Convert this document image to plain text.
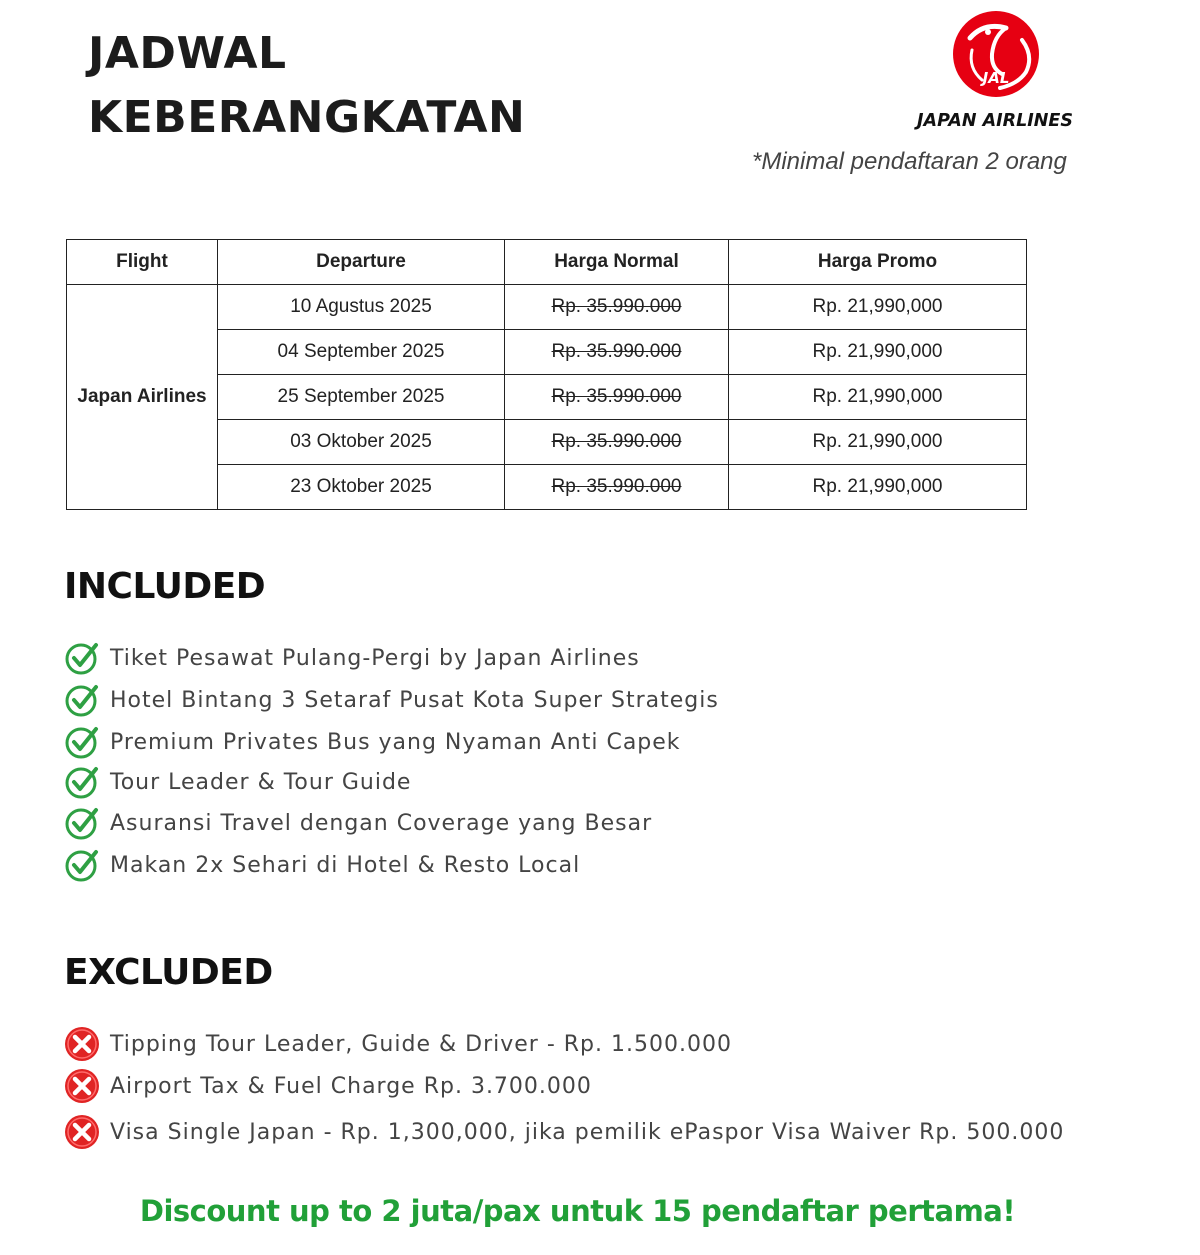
JADWAL
KEBERANGKATAN
JAL
JAPAN AIRLINES
*Minimal pendaftaran 2 orang
Flight	Departure	Harga Normal	Harga Promo
Japan Airlines	10 Agustus 2025	Rp. 35.990.000	Rp. 21,990,000
	04 September 2025	Rp. 35.990.000	Rp. 21,990,000
	25 September 2025	Rp. 35.990.000	Rp. 21,990,000
	03 Oktober 2025	Rp. 35.990.000	Rp. 21,990,000
	23 Oktober 2025	Rp. 35.990.000	Rp. 21,990,000
INCLUDED
Tiket Pesawat Pulang-Pergi by Japan Airlines
Hotel Bintang 3 Setaraf Pusat Kota Super Strategis
Premium Privates Bus yang Nyaman Anti Capek
Tour Leader & Tour Guide
Asuransi Travel dengan Coverage yang Besar
Makan 2x Sehari di Hotel & Resto Local
EXCLUDED
Tipping Tour Leader, Guide & Driver - Rp. 1.500.000
Airport Tax & Fuel Charge Rp. 3.700.000
Visa Single Japan - Rp. 1,300,000, jika pemilik ePaspor Visa Waiver Rp. 500.000
Discount up to 2 juta/pax untuk 15 pendaftar pertama!
